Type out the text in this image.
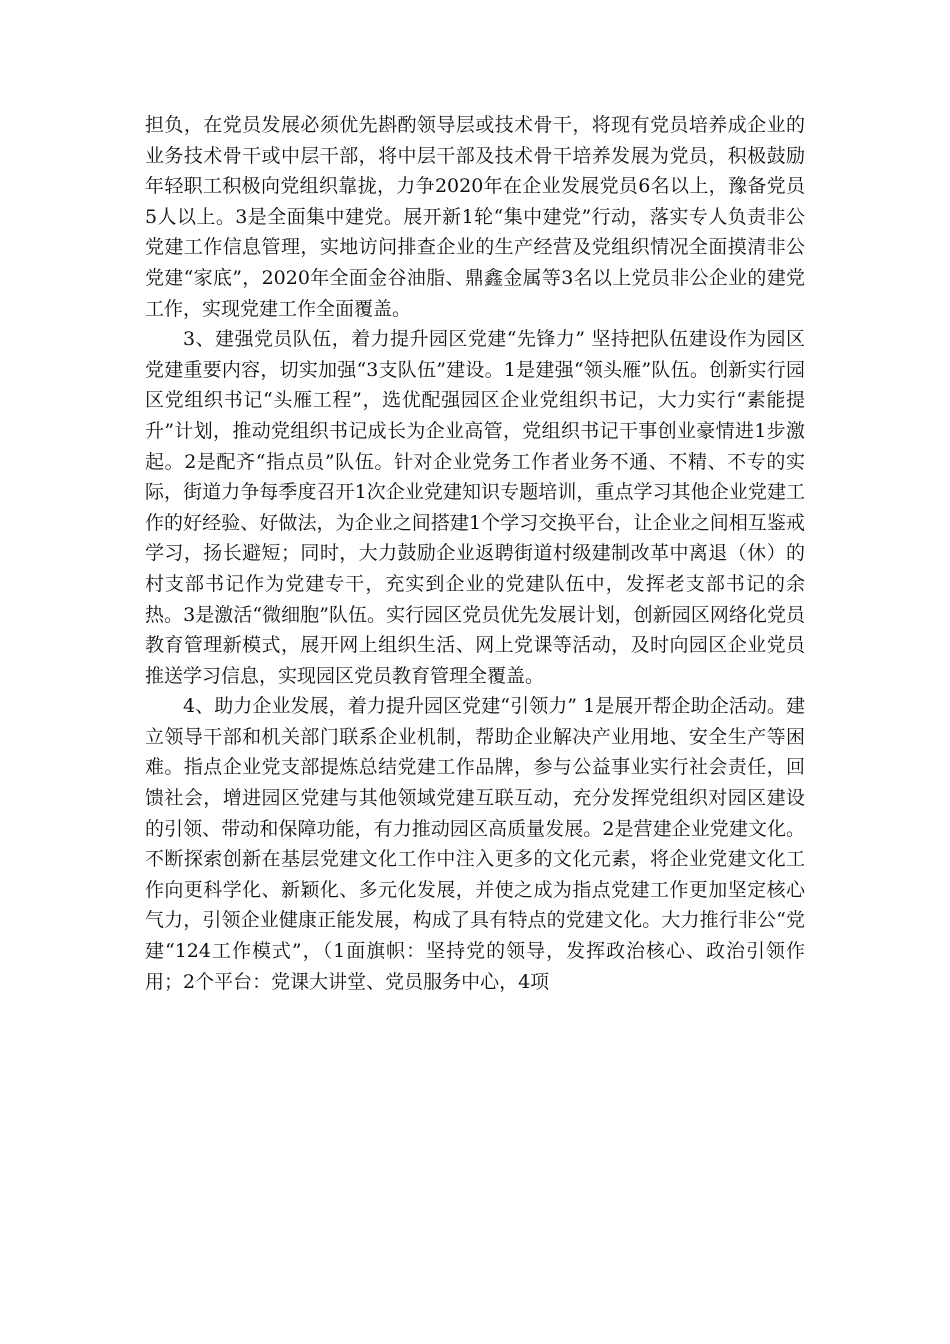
担负，在党员发展必须优先斟酌领导层或技术骨干，将现有党员培养成企业的业务技术骨干或中层干部，将中层干部及技术骨干培养发展为党员，积极鼓励年轻职工积极向党组织靠拢，力争2020年在企业发展党员6名以上，豫备党员5人以上。3是全面集中建党。展开新1轮“集中建党”行动，落实专人负责非公党建工作信息管理，实地访问排查企业的生产经营及党组织情况全面摸清非公党建“家底”，2020年全面金谷油脂、鼎鑫金属等3名以上党员非公企业的建党工作，实现党建工作全面覆盖。

3、建强党员队伍，着力提升园区党建“先锋力” 坚持把队伍建设作为园区党建重要内容，切实加强“3支队伍”建设。1是建强“领头雁”队伍。创新实行园区党组织书记“头雁工程”，选优配强园区企业党组织书记，大力实行“素能提升”计划，推动党组织书记成长为企业高管，党组织书记干事创业豪情进1步激起。2是配齐“指点员”队伍。针对企业党务工作者业务不通、不精、不专的实际，街道力争每季度召开1次企业党建知识专题培训，重点学习其他企业党建工作的好经验、好做法，为企业之间搭建1个学习交换平台，让企业之间相互鉴戒学习，扬长避短；同时，大力鼓励企业返聘街道村级建制改革中离退（休）的村支部书记作为党建专干，充实到企业的党建队伍中，发挥老支部书记的余热。3是激活“微细胞”队伍。实行园区党员优先发展计划，创新园区网络化党员教育管理新模式，展开网上组织生活、网上党课等活动，及时向园区企业党员推送学习信息，实现园区党员教育管理全覆盖。

4、助力企业发展，着力提升园区党建“引领力” 1是展开帮企助企活动。建立领导干部和机关部门联系企业机制，帮助企业解决产业用地、安全生产等困难。指点企业党支部提炼总结党建工作品牌，参与公益事业实行社会责任，回馈社会，增进园区党建与其他领域党建互联互动，充分发挥党组织对园区建设的引领、带动和保障功能，有力推动园区高质量发展。2是营建企业党建文化。不断探索创新在基层党建文化工作中注入更多的文化元素，将企业党建文化工作向更科学化、新颖化、多元化发展，并使之成为指点党建工作更加坚定核心气力，引领企业健康正能发展，构成了具有特点的党建文化。大力推行非公“党建“124工作模式”，（1面旗帜：坚持党的领导，发挥政治核心、政治引领作用；2个平台：党课大讲堂、党员服务中心，4项
